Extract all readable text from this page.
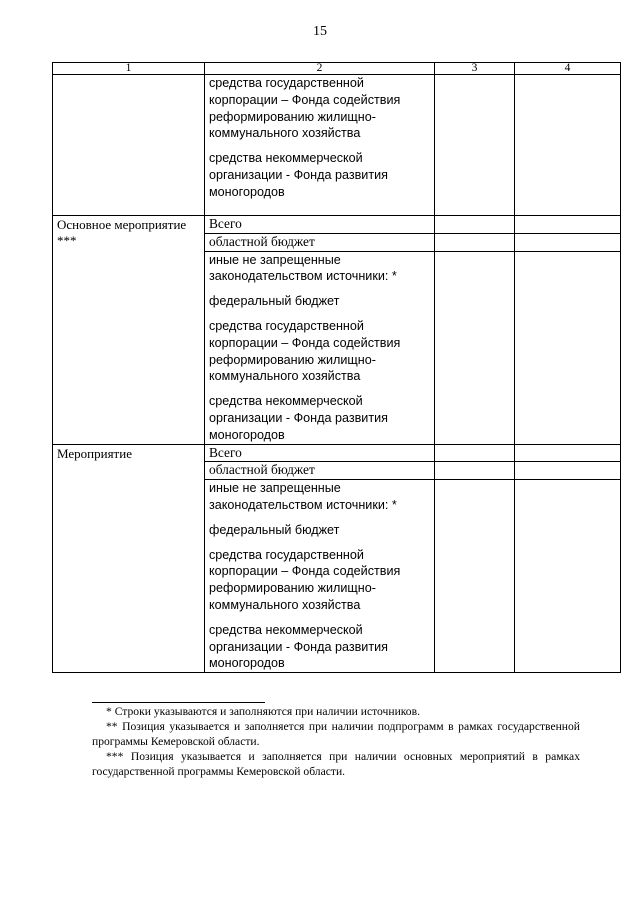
15
1	2	3	4

	средства государственной корпорации – Фонда содействия реформированию жилищно-коммунального хозяйства
средства некоммерческой организации - Фонда развития моногородов		

Основное мероприятие ***	Всего		

	областной бюджет		

	иные не запрещенные законодательством источники: *
федеральный бюджет
средства государственной корпорации – Фонда содействия реформированию жилищно-коммунального хозяйства
средства некоммерческой организации - Фонда развития моногородов		

Мероприятие	Всего		

	областной бюджет		

	иные не запрещенные законодательством источники: *
федеральный бюджет
средства государственной корпорации – Фонда содействия реформированию жилищно-коммунального хозяйства
средства некоммерческой организации - Фонда развития моногородов		

* Строки указываются и заполняются при наличии источников.

** Позиция указывается и заполняется при наличии подпрограмм в рамках государственной программы Кемеровской области.

*** Позиция указывается и заполняется при наличии основных мероприятий в рамках государственной программы Кемеровской области.
